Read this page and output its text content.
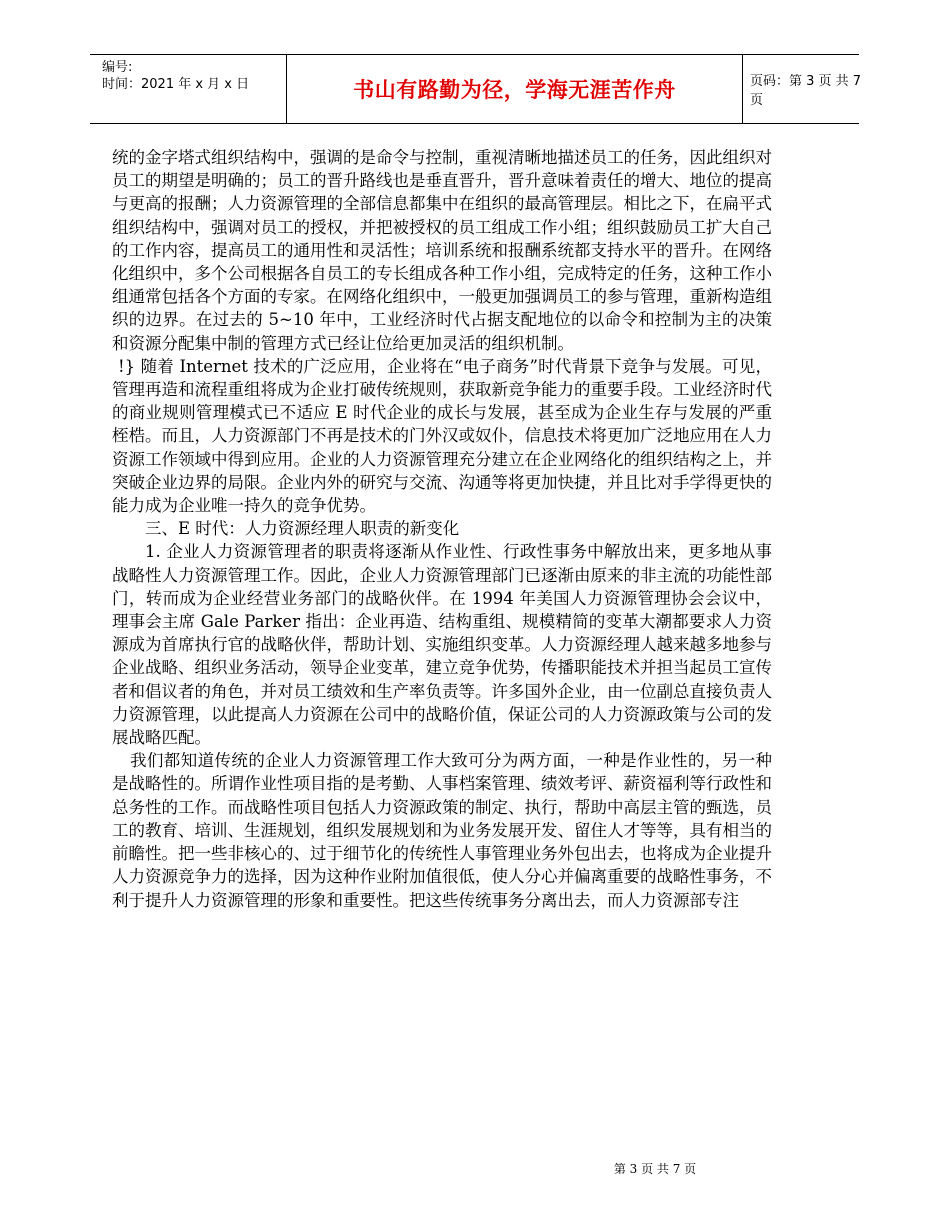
编号:
时间：2021 年 x 月 x 日	书山有路勤为径，学海无涯苦作舟	页码：第 3 页 共 7 页

统的金字塔式组织结构中，强调的是命令与控制，重视清晰地描述员工的任务，因此组织对员工的期望是明确的；员工的晋升路线也是垂直晋升，晋升意味着责任的增大、地位的提高与更高的报酬；人力资源管理的全部信息都集中在组织的最高管理层。相比之下，在扁平式组织结构中，强调对员工的授权，并把被授权的员工组成工作小组；组织鼓励员工扩大自己的工作内容，提高员工的通用性和灵活性；培训系统和报酬系统都支持水平的晋升。在网络化组织中，多个公司根据各自员工的专长组成各种工作小组，完成特定的任务，这种工作小组通常包括各个方面的专家。在网络化组织中，一般更加强调员工的参与管理，重新构造组织的边界。在过去的 5~10 年中，工业经济时代占据支配地位的以命令和控制为主的决策和资源分配集中制的管理方式已经让位给更加灵活的组织机制。

!} 随着 Internet 技术的广泛应用，企业将在“电子商务”时代背景下竞争与发展。可见，管理再造和流程重组将成为企业打破传统规则，获取新竞争能力的重要手段。工业经济时代的商业规则管理模式已不适应 E 时代企业的成长与发展，甚至成为企业生存与发展的严重桎梏。而且，人力资源部门不再是技术的门外汉或奴仆，信息技术将更加广泛地应用在人力资源工作领域中得到应用。企业的人力资源管理充分建立在企业网络化的组织结构之上，并突破企业边界的局限。企业内外的研究与交流、沟通等将更加快捷，并且比对手学得更快的能力成为企业唯一持久的竞争优势。

三、E 时代：人力资源经理人职责的新变化

1. 企业人力资源管理者的职责将逐渐从作业性、行政性事务中解放出来，更多地从事战略性人力资源管理工作。因此，企业人力资源管理部门已逐渐由原来的非主流的功能性部门，转而成为企业经营业务部门的战略伙伴。在 1994 年美国人力资源管理协会会议中，理事会主席 Gale Parker 指出：企业再造、结构重组、规模精简的变革大潮都要求人力资源成为首席执行官的战略伙伴，帮助计划、实施组织变革。人力资源经理人越来越多地参与企业战略、组织业务活动，领导企业变革，建立竞争优势，传播职能技术并担当起员工宣传者和倡议者的角色，并对员工绩效和生产率负责等。许多国外企业，由一位副总直接负责人力资源管理，以此提高人力资源在公司中的战略价值，保证公司的人力资源政策与公司的发展战略匹配。

我们都知道传统的企业人力资源管理工作大致可分为两方面，一种是作业性的，另一种是战略性的。所谓作业性项目指的是考勤、人事档案管理、绩效考评、薪资福利等行政性和总务性的工作。而战略性项目包括人力资源政策的制定、执行，帮助中高层主管的甄选，员工的教育、培训、生涯规划，组织发展规划和为业务发展开发、留住人才等等，具有相当的前瞻性。把一些非核心的、过于细节化的传统性人事管理业务外包出去，也将成为企业提升人力资源竞争力的选择，因为这种作业附加值很低，使人分心并偏离重要的战略性事务，不利于提升人力资源管理的形象和重要性。把这些传统事务分离出去，而人力资源部专注

第 3 页 共 7 页
